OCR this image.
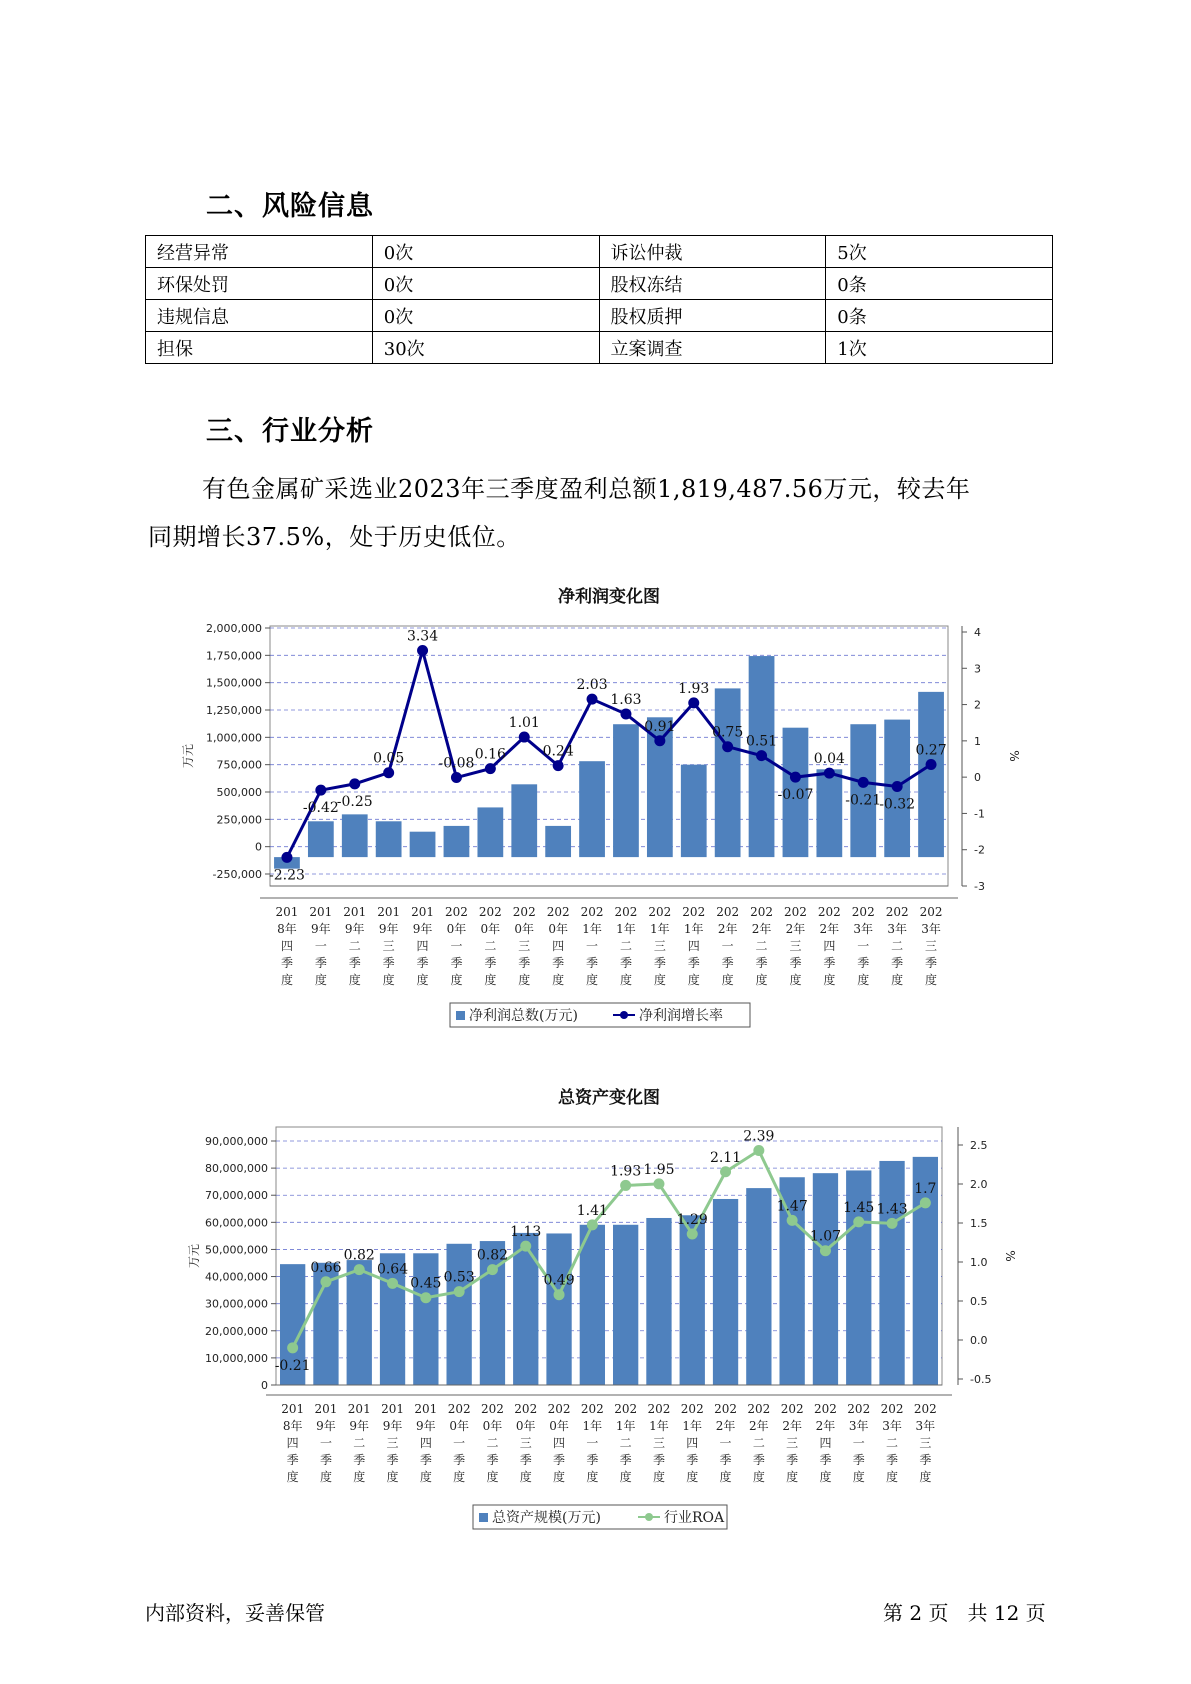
二、风险信息
经营异常	0次	诉讼仲裁	5次
环保处罚	0次	股权冻结	0条
违规信息	0次	股权质押	0条
担保	30次	立案调查	1次
三、行业分析
有色金属矿采选业2023年三季度盈利总额1,819,487.56万元，较去年
同期增长37.5%，处于历史低位。
净利润变化图
2,000,000
1,750,000
1,500,000
1,250,000
1,000,000
750,000
500,000
250,000
0
-250,000
4
3
2
1
0
-1
-2
-3
万元	%
201
8年
四
季
度
201
9年
一
季
度
201
9年
二
季
度
201
9年
三
季
度
201
9年
四
季
度
202
0年
一
季
度
202
0年
二
季
度
202
0年
三
季
度
202
0年
四
季
度
202
1年
一
季
度
202
1年
二
季
度
202
1年
三
季
度
202
1年
四
季
度
202
2年
一
季
度
202
2年
二
季
度
202
2年
三
季
度
202
2年
四
季
度
202
3年
一
季
度
202
3年
二
季
度
202
3年
三
季
度
-2.23
-0.42
-0.25
0.05
3.34
-0.08
0.16
1.01
0.24
2.03
1.63
0.91
1.93
0.75
0.51
-0.07
0.04
-0.21
-0.32
0.27
净利润总数(万元)	净利润增长率
总资产变化图
90,000,000
80,000,000
70,000,000
60,000,000
50,000,000
40,000,000
30,000,000
20,000,000
10,000,000
0
2.5
2.0
1.5
1.0
0.5
0.0
-0.5
万元	%
201
8年
四
季
度
201
9年
一
季
度
201
9年
二
季
度
201
9年
三
季
度
201
9年
四
季
度
202
0年
一
季
度
202
0年
二
季
度
202
0年
三
季
度
202
0年
四
季
度
202
1年
一
季
度
202
1年
二
季
度
202
1年
三
季
度
202
1年
四
季
度
202
2年
一
季
度
202
2年
二
季
度
202
2年
三
季
度
202
2年
四
季
度
202
3年
一
季
度
202
3年
二
季
度
202
3年
三
季
度
-0.21
0.66
0.82
0.64
0.45 0.53
0.82
1.13
0.49
1.41
1.93 1.95
1.29
2.11
2.39
1.47
1.07
1.45 1.43
1.7
总资产规模(万元)	行业ROA
内部资料，妥善保管	第 2 页   共 12 页
